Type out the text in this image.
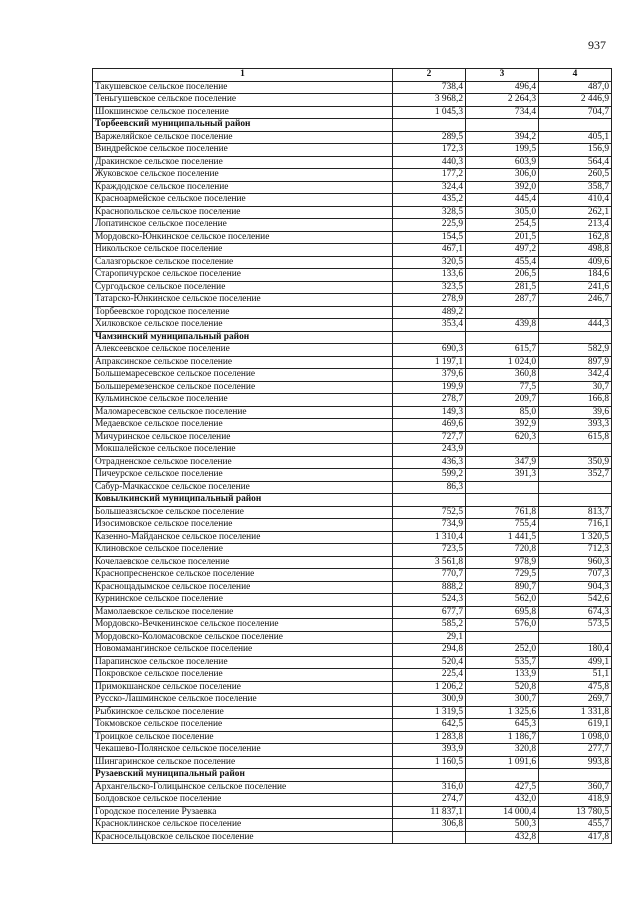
937
1	2	3	4
Такушевское сельское поселение	738,4	496,4	487,0
Теньгушевское сельское поселение	3 968,2	2 264,3	2 446,9
Шокшинское сельское поселение	1 045,3	734,4	704,7
Торбеевский муниципальный район			
Варжеляйское сельское поселение	289,5	394,2	405,1
Виндрейское сельское поселение	172,3	199,5	156,9
Дракинское сельское поселение	440,3	603,9	564,4
Жуковское сельское поселение	177,2	306,0	260,5
Краждодское сельское поселение	324,4	392,0	358,7
Красноармейское сельское поселение	435,2	445,4	410,4
Краснопольское сельское поселение	328,5	305,0	262,1
Лопатинское сельское поселение	225,9	254,5	213,4
Мордовско-Юнкинское сельское поселение	154,5	201,5	162,8
Никольское сельское поселение	467,1	497,2	498,8
Салазгорьское сельское поселение	320,5	455,4	409,6
Старопичурское сельское поселение	133,6	206,5	184,6
Сургодьское сельское поселение	323,5	281,5	241,6
Татарско-Юнкинское сельское поселение	278,9	287,7	246,7
Торбеевское городское поселение	489,2		
Хилковское сельское поселение	353,4	439,8	444,3
Чамзинский муниципальный район			
Алексеевское сельское поселение	690,3	615,7	582,9
Апраксинское сельское поселение	1 197,1	1 024,0	897,9
Большемаресевское сельское поселение	379,6	360,8	342,4
Большеремезенское сельское поселение	199,9	77,5	30,7
Кульминское сельское поселение	278,7	209,7	166,8
Маломаресевское сельское поселение	149,3	85,0	39,6
Медаевское сельское поселение	469,6	392,9	393,3
Мичуринское сельское поселение	727,7	620,3	615,8
Мокшалейское сельское поселение	243,9		
Отрадненское сельское поселение	436,3	347,9	350,9
Пичеурское сельское поселение	599,2	391,3	352,7
Сабур-Мачкасское сельское поселение	86,3		
Ковылкинский муниципальный район			
Большеазясьское сельское поселение	752,5	761,8	813,7
Изосимовское сельское поселение	734,9	755,4	716,1
Казенно-Майданское сельское поселение	1 310,4	1 441,5	1 320,5
Клиновское сельское поселение	723,5	720,8	712,3
Кочелаевское сельское поселение	3 561,8	978,9	960,3
Краснопресненское сельское поселение	770,7	729,5	707,3
Краснощадымское сельское поселение	888,2	890,7	904,3
Курнинское сельское поселение	524,3	562,0	542,6
Мамолаевское сельское поселение	677,7	695,8	674,3
Мордовско-Вечкенинское сельское поселение	585,2	576,0	573,5
Мордовско-Коломасовское сельское поселение	29,1		
Новомамангинское сельское поселение	294,8	252,0	180,4
Парапинское сельское поселение	520,4	535,7	499,1
Покровское сельское поселение	225,4	133,9	51,1
Примокшанское сельское поселение	1 206,2	520,8	475,8
Русско-Лашминское сельское поселение	300,9	300,7	269,7
Рыбкинское сельское поселение	1 319,5	1 325,6	1 331,8
Токмовское сельское поселение	642,5	645,3	619,1
Троицкое сельское поселение	1 283,8	1 186,7	1 098,0
Чекашево-Полянское сельское поселение	393,9	320,8	277,7
Шингаринское сельское поселение	1 160,5	1 091,6	993,8
Рузаевский муниципальный район			
Архангельско-Голицынское сельское поселение	316,0	427,5	360,7
Болдовское сельское поселение	274,7	432,0	418,9
Городское поселение Рузаевка	11 837,1	14 000,4	13 780,5
Красноклинское сельское поселение	306,8	500,3	455,7
Красносельцовское сельское поселение		432,8	417,8
